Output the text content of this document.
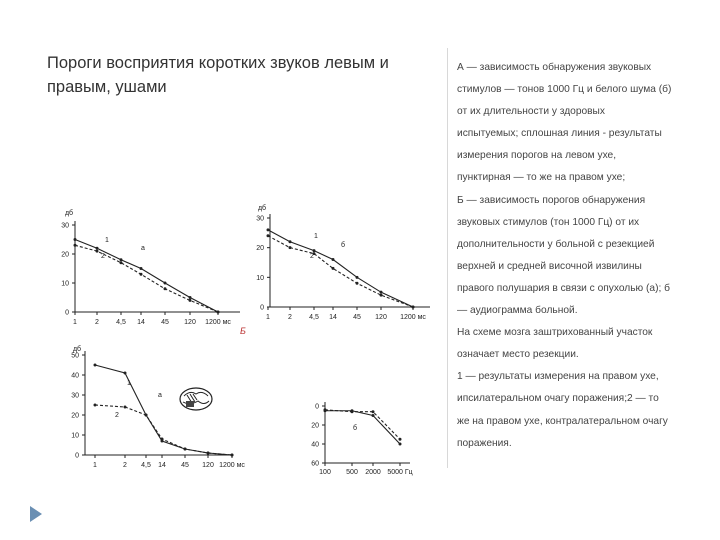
Пороги восприятия коротких звуков левым и правым, ушами

А — зависимость обнаружения звуковых

стимулов — тонов 1000 Гц и белого шума (б)

от их длительности у здоровых

испытуемых; сплошная линия - результаты

измерения порогов на левом ухе,

пунктирная — то же на правом ухе;

Б — зависимость порогов обнаружения

звуковых стимулов (тон 1000 Гц) от их

дополнительности у больной с резекцией

верхней и средней височной извилины

правого полушария в связи с опухолью (а); б

— аудиограмма больной.

На схеме мозга заштрихованный участок

означает место резекции.

1 — результаты измерения на правом ухе,

ипсилатеральном очагу поражения;2 — то

же на правом ухе, контралатеральном очагу

поражения.

Б
0
10
20
30
дб
1	2 4,5 14 45 120 1200 мс
1
2
а
0
10
20
30
дб
1	2 4,5 14 45 120 1200 мс
1
2
б
0
10
20
30
40
50
дб
1	2 4,5 14 45 120 1200 мс
1
2
а
0
20
40
60
100 500 2000 5000 Гц
б
